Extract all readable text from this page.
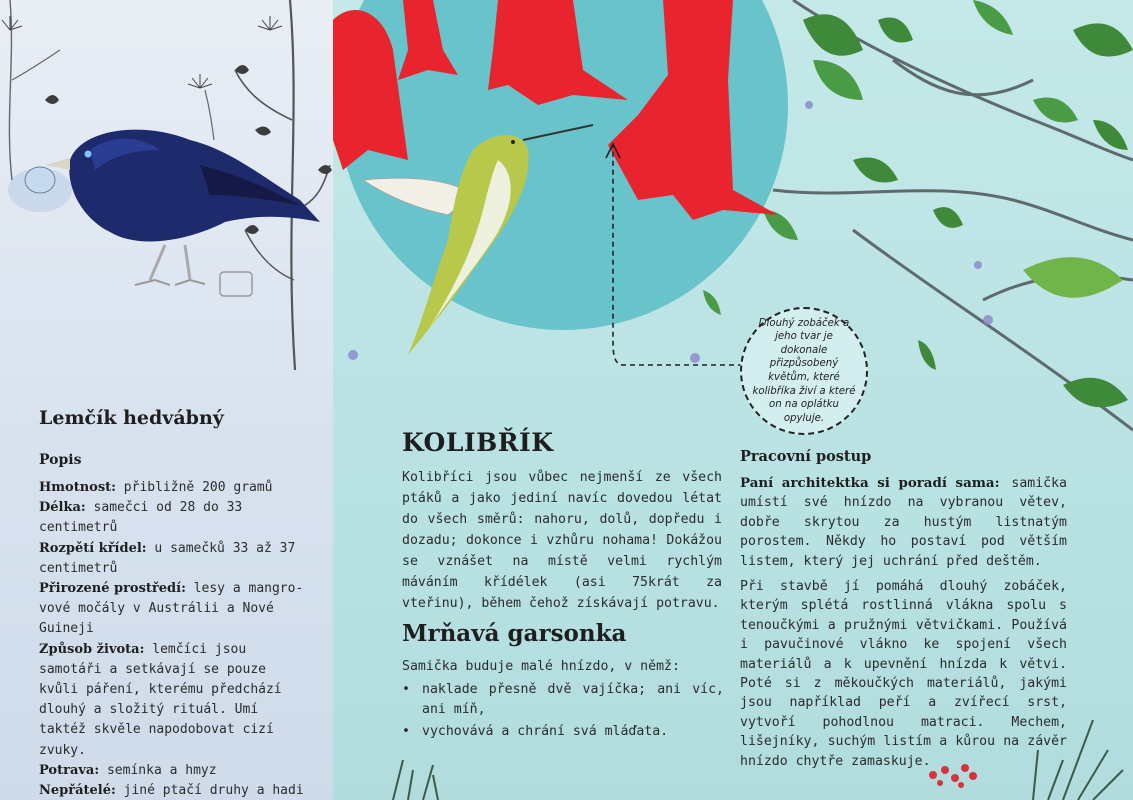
Lemčík hedvábný
Popis

Hmotnost: přibližně 200 gramů

Délka: samečci od 28 do 33 centimetrů

Rozpětí křídel: u samečků 33 až 37 centimetrů

Přirozené prostředí: lesy a mangrovové močály v Austrálii a Nové Guineji

Způsob života: lemčíci jsou samotáři a setkávají se pouze kvůli páření, kterému předchází dlouhý a složitý rituál. Umí taktéž skvěle napodobovat cizí zvuky.

Potrava: semínka a hmyz

Nepřátelé: jiné ptačí druhy a hadi

Dlouhý zobáček a jeho tvar je dokonale přizpůsobený květům, které kolibříka živí a které on na oplátku opyluje.
KOLIBŘÍK

Kolibříci jsou vůbec nejmenší ze všech ptáků a jako jediní navíc dovedou létat do všech směrů: nahoru, dolů, dopředu i dozadu; dokonce i vzhůru nohama! Dokážou se vznášet na místě velmi rychlým máváním křídélek (asi 75krát za vteřinu), během čehož získávají potravu.

Mrňavá garsonka

Samička buduje malé hnízdo, v němž:

• naklade přesně dvě vajíčka; ani víc, ani míň,
• vychovává a chrání svá mláďata.
Pracovní postup

Paní architektka si poradí sama: samička umístí své hnízdo na vybranou větev, dobře skrytou za hustým listnatým porostem. Někdy ho postaví pod větším listem, který jej uchrání před deštěm.

Při stavbě jí pomáhá dlouhý zobáček, kterým splétá rostlinná vlákna spolu s tenoučkými a pružnými větvičkami. Používá i pavučinové vlákno ke spojení všech materiálů a k upevnění hnízda k větvi. Poté si z měkoučkých materiálů, jakými jsou například peří a zvířecí srst, vytvoří pohodlnou matraci. Mechem, lišejníky, suchým listím a kůrou na závěr hnízdo chytře zamaskuje.
